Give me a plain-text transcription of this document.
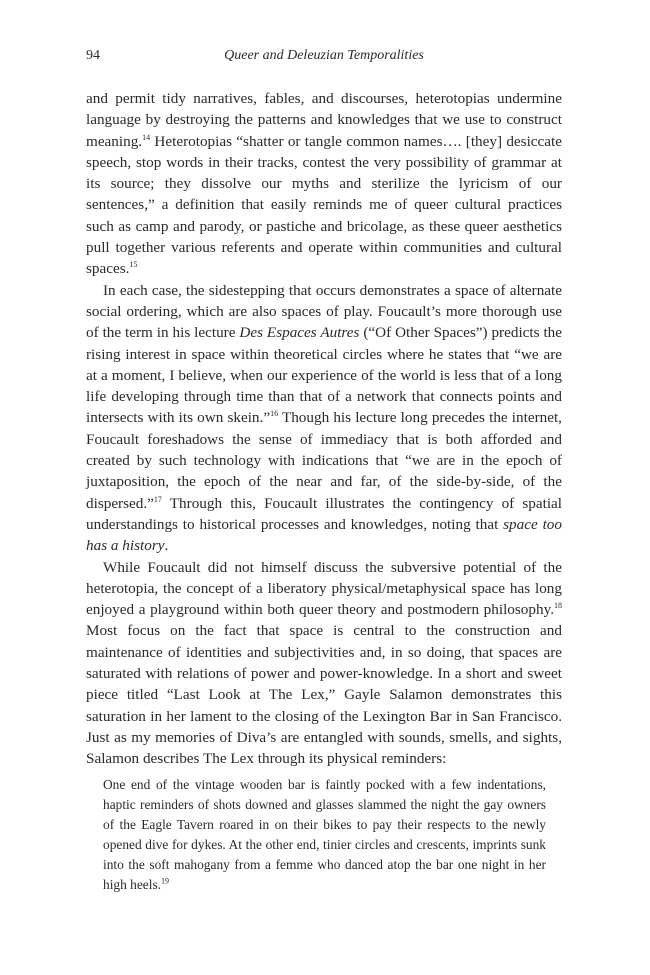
94	Queer and Deleuzian Temporalities

and permit tidy narratives, fables, and discourses, heterotopias undermine language by destroying the patterns and knowledges that we use to construct meaning.$^{14}$ Heterotopias “shatter or tangle common names…. [they] desiccate speech, stop words in their tracks, contest the very possibility of grammar at its source; they dissolve our myths and sterilize the lyricism of our sentences,” a definition that easily reminds me of queer cultural practices such as camp and parody, or pastiche and bricolage, as these queer aesthetics pull together various referents and operate within communities and cultural spaces.$^{15}$

In each case, the sidestepping that occurs demonstrates a space of alternate social ordering, which are also spaces of play. Foucault’s more thorough use of the term in his lecture Des Espaces Autres (“Of Other Spaces”) predicts the rising interest in space within theoretical circles where he states that “we are at a moment, I believe, when our experience of the world is less that of a long life developing through time than that of a network that connects points and intersects with its own skein.”$^{16}$ Though his lecture long precedes the internet, Foucault foreshadows the sense of immediacy that is both afforded and created by such technology with indications that “we are in the epoch of juxtaposition, the epoch of the near and far, of the side-by-side, of the dispersed.”$^{17}$ Through this, Foucault illustrates the contingency of spatial understandings to historical processes and knowledges, noting that space too has a history.

While Foucault did not himself discuss the subversive potential of the heterotopia, the concept of a liberatory physical/metaphysical space has long enjoyed a playground within both queer theory and postmodern philosophy.$^{18}$ Most focus on the fact that space is central to the construction and maintenance of identities and subjectivities and, in so doing, that spaces are saturated with relations of power and power-knowledge. In a short and sweet piece titled “Last Look at The Lex,” Gayle Salamon demonstrates this saturation in her lament to the closing of the Lexington Bar in San Francisco. Just as my memories of Diva’s are entangled with sounds, smells, and sights, Salamon describes The Lex through its physical reminders:

One end of the vintage wooden bar is faintly pocked with a few indentations, haptic reminders of shots downed and glasses slammed the night the gay owners of the Eagle Tavern roared in on their bikes to pay their respects to the newly opened dive for dykes. At the other end, tinier circles and crescents, imprints sunk into the soft mahogany from a femme who danced atop the bar one night in her high heels.$^{19}$
